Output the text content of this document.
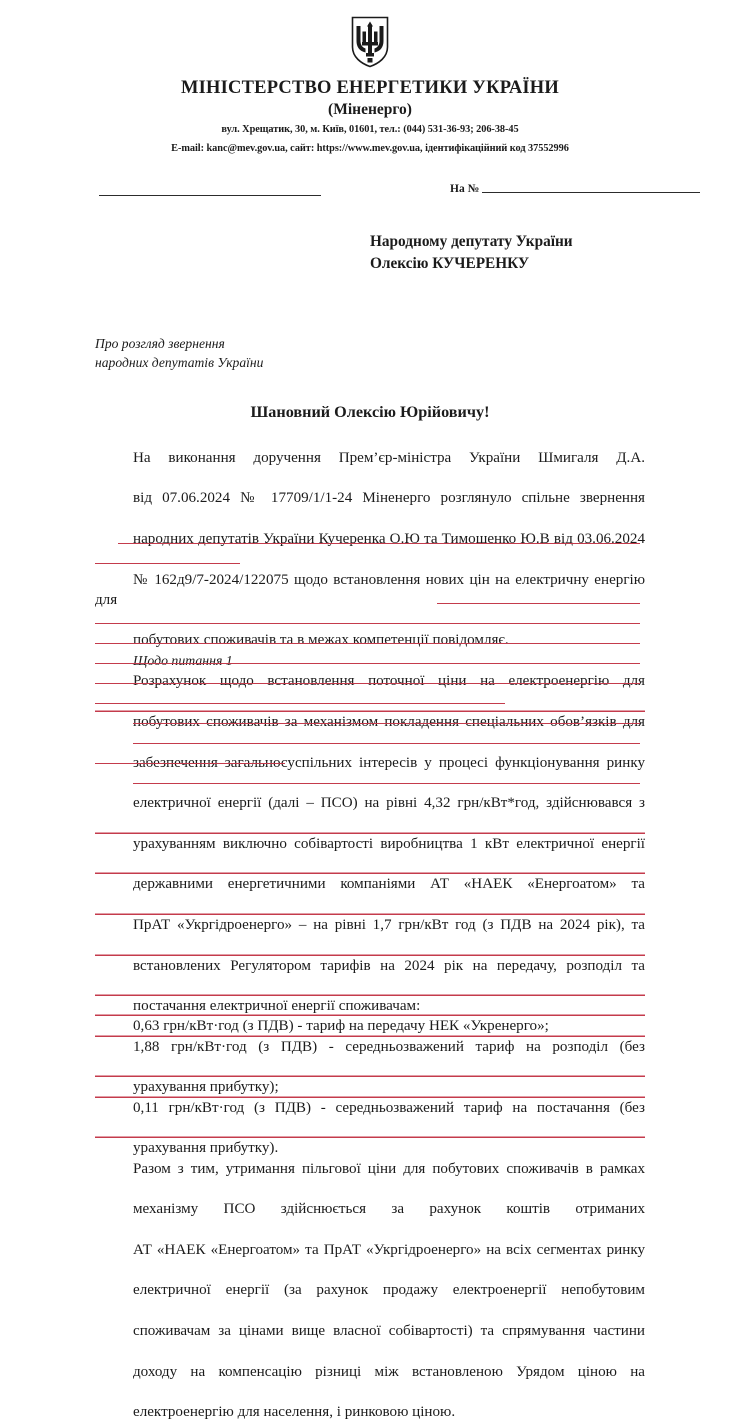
МІНІСТЕРСТВО ЕНЕРГЕТИКИ УКРАЇНИ
(Міненерго)
вул. Хрещатик, 30, м. Київ, 01601, тел.: (044) 531-36-93; 206-38-45
E-mail: kanc@mev.gov.ua, сайт: https://www.mev.gov.ua, ідентифікаційний код 37552996
На №
Народному депутату України
Олексію КУЧЕРЕНКУ
Про розгляд звернення
народних депутатів України
Шановний Олексію Юрійовичу!

На виконання доручення Прем’єр-міністра України Шмигаля Д.А.
від 07.06.2024 № 17709/1/1-24 Міненерго розглянуло спільне звернення
народних депутатів України Кучеренка О.Ю та Тимошенко Ю.В від 03.06.2024
№ 162д9/7-2024/122075 щодо встановлення нових цін на електричну енергію для
побутових споживачів та в межах компетенції повідомляє.

Щодо питання 1

Розрахунок щодо встановлення поточної ціни на електроенергію для
побутових споживачів за механізмом покладення спеціальних обов’язків для
забезпечення загальносуспільних інтересів у процесі функціонування ринку
електричної енергії (далі – ПСО) на рівні 4,32 грн/кВт*год, здійснювався з
урахуванням виключно собівартості виробництва 1 кВт електричної енергії
державними енергетичними компаніями АТ «НАЕК «Енергоатом» та
ПрАТ «Укргідроенерго» – на рівні 1,7 грн/кВт год (з ПДВ на 2024 рік), та
встановлених Регулятором тарифів на 2024 рік на передачу, розподіл та
постачання електричної енергії споживачам:

0,63 грн/кВт·год (з ПДВ) - тариф на передачу НЕК «Укренерго»;

1,88 грн/кВт·год (з ПДВ) - середньозважений тариф на розподіл (без
урахування прибутку);

0,11 грн/кВт·год (з ПДВ) - середньозважений тариф на постачання (без
урахування прибутку).

Разом з тим, утримання пільгової ціни для побутових споживачів в рамках
механізму ПСО здійснюється за рахунок коштів отриманих
АТ «НАЕК «Енергоатом» та ПрАТ «Укргідроенерго» на всіх сегментах ринку
електричної енергії (за рахунок продажу електроенергії непобутовим
споживачам за цінами вище власної собівартості) та спрямування частини
доходу на компенсацію різниці між встановленою Урядом ціною на
електроенергію для населення, і ринковою ціною.
